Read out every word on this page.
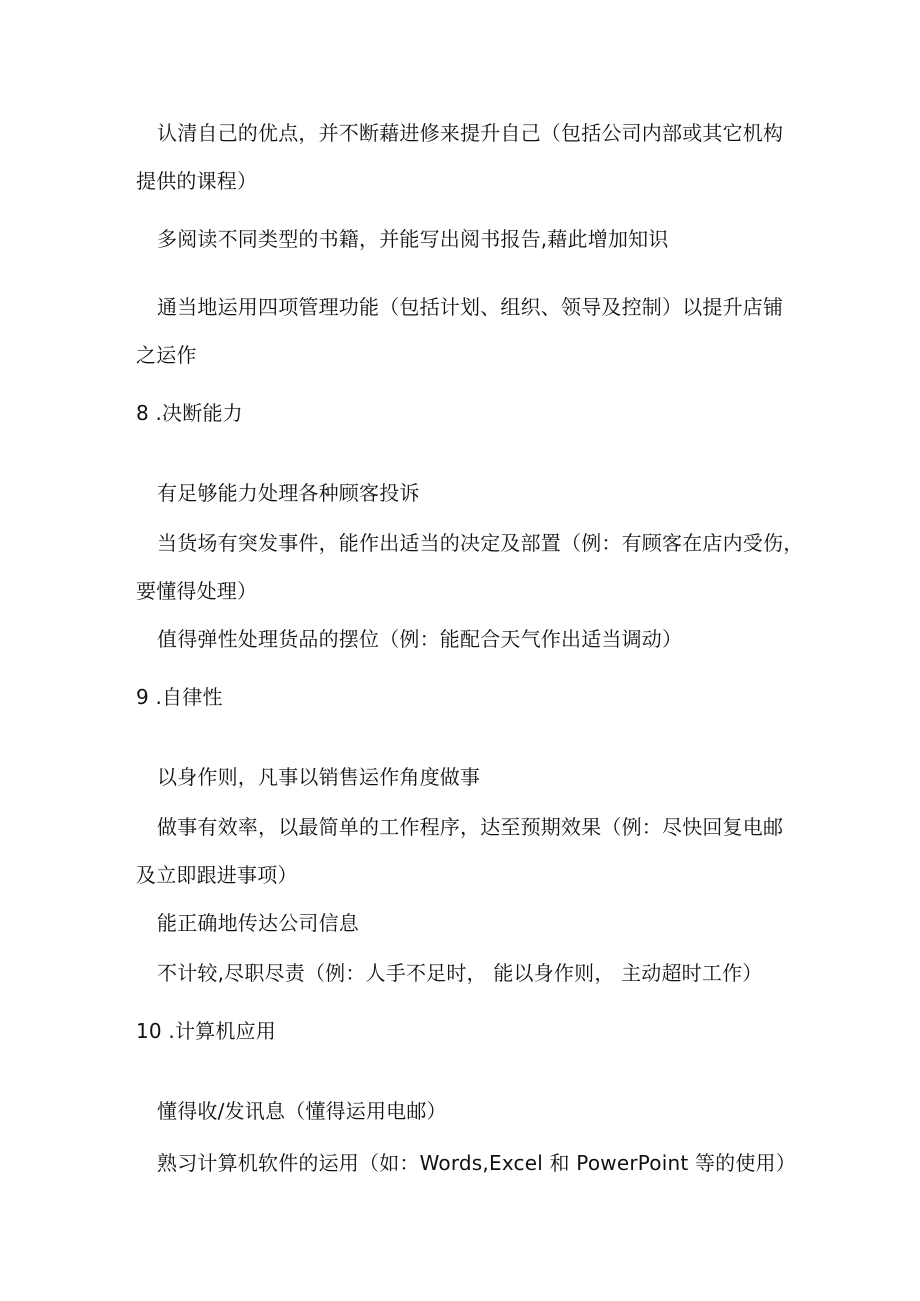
认清自己的优点，并不断藉进修来提升自己（包括公司内部或其它机构
提供的课程）
多阅读不同类型的书籍，并能写出阅书报告,藉此增加知识
通当地运用四项管理功能（包括计划、组织、领导及控制）以提升店铺
之运作
8 .决断能力
有足够能力处理各种顾客投诉
当货场有突发事件，能作出适当的决定及部置（例：有顾客在店内受伤，
要懂得处理）
值得弹性处理货品的摆位（例：能配合天气作出适当调动）
9 .自律性
以身作则，凡事以销售运作角度做事
做事有效率，以最简单的工作程序，达至预期效果（例：尽快回复电邮
及立即跟进事项）
能正确地传达公司信息
不计较,尽职尽责（例：人手不足时， 能以身作则， 主动超时工作）
10 .计算机应用
懂得收/发讯息（懂得运用电邮）
熟习计算机软件的运用（如：Words,Excel 和 PowerPoint 等的使用）
